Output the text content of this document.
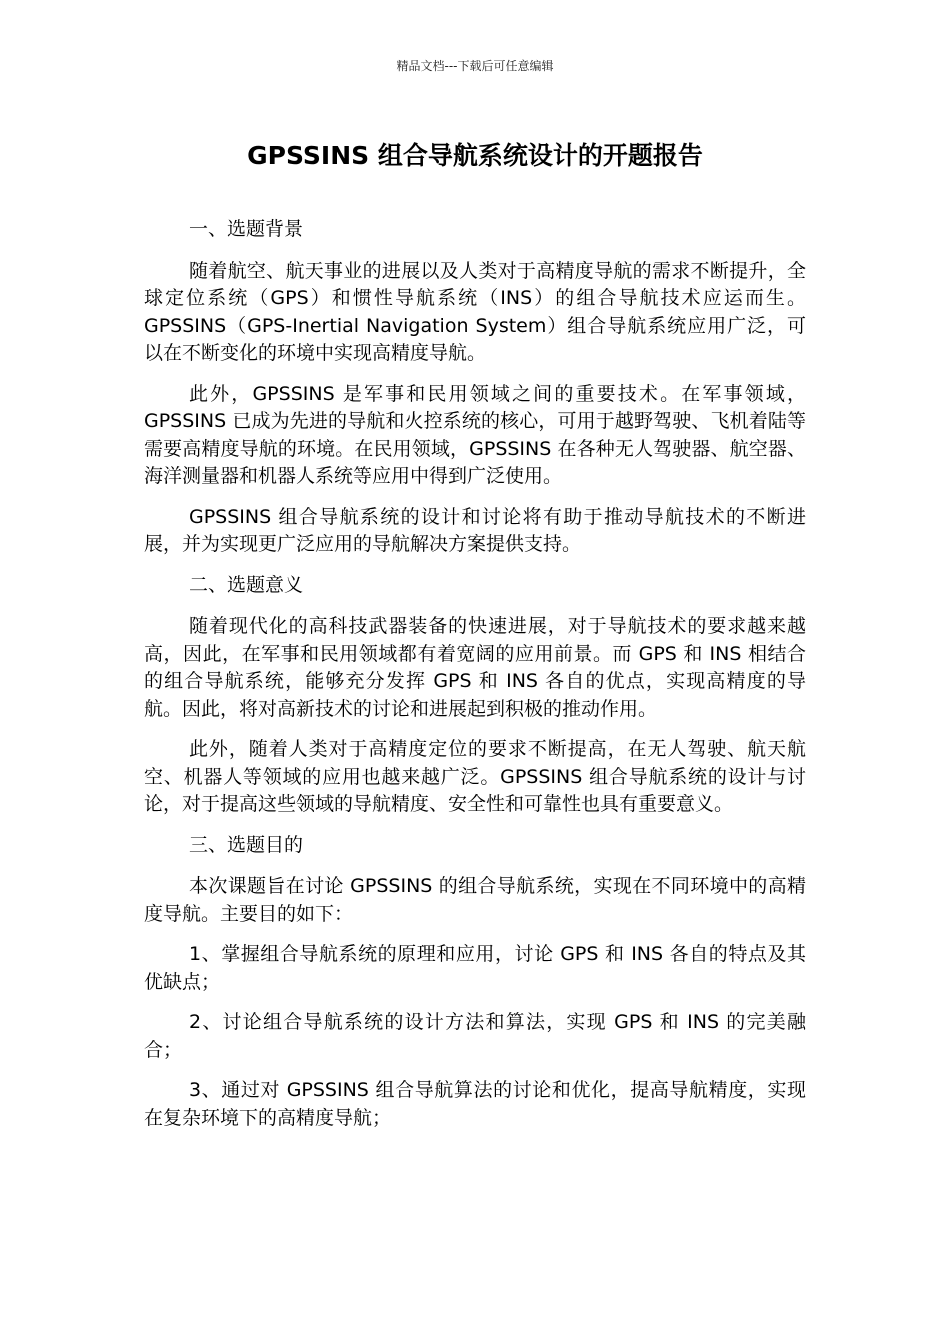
精品文档---下载后可任意编辑
GPSSINS 组合导航系统设计的开题报告

一、选题背景

随着航空、航天事业的进展以及人类对于高精度导航的需求不断提升，全球定位系统（GPS）和惯性导航系统（INS）的组合导航技术应运而生。GPSSINS（GPS-Inertial Navigation System）组合导航系统应用广泛，可以在不断变化的环境中实现高精度导航。

此外，GPSSINS 是军事和民用领域之间的重要技术。在军事领域，GPSSINS 已成为先进的导航和火控系统的核心，可用于越野驾驶、飞机着陆等需要高精度导航的环境。在民用领域，GPSSINS 在各种无人驾驶器、航空器、海洋测量器和机器人系统等应用中得到广泛使用。

GPSSINS 组合导航系统的设计和讨论将有助于推动导航技术的不断进展，并为实现更广泛应用的导航解决方案提供支持。

二、选题意义

随着现代化的高科技武器装备的快速进展，对于导航技术的要求越来越高，因此，在军事和民用领域都有着宽阔的应用前景。而 GPS 和 INS 相结合的组合导航系统，能够充分发挥 GPS 和 INS 各自的优点，实现高精度的导航。因此，将对高新技术的讨论和进展起到积极的推动作用。

此外，随着人类对于高精度定位的要求不断提高，在无人驾驶、航天航空、机器人等领域的应用也越来越广泛。GPSSINS 组合导航系统的设计与讨论，对于提高这些领域的导航精度、安全性和可靠性也具有重要意义。

三、选题目的

本次课题旨在讨论 GPSSINS 的组合导航系统，实现在不同环境中的高精度导航。主要目的如下：

1、掌握组合导航系统的原理和应用，讨论 GPS 和 INS 各自的特点及其优缺点；

2、讨论组合导航系统的设计方法和算法，实现 GPS 和 INS 的完美融合；

3、通过对 GPSSINS 组合导航算法的讨论和优化，提高导航精度，实现在复杂环境下的高精度导航；
